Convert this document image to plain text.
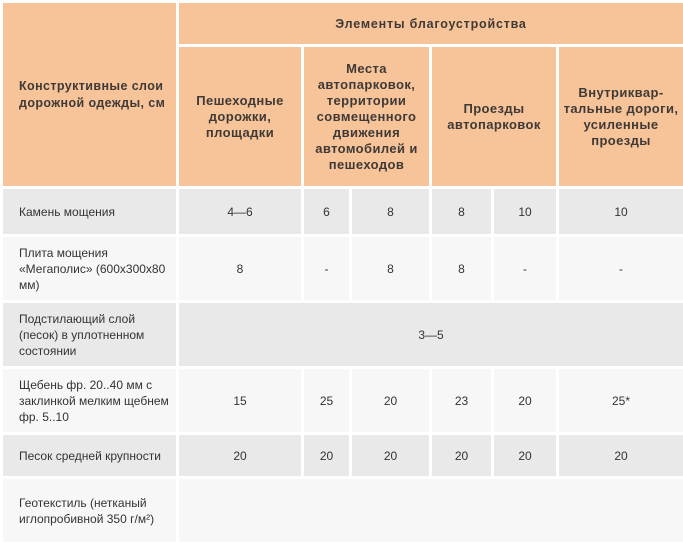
Конструктивные слои дорожной одежды, см	Элементы благоустройства					
	Пешеходные дорожки, площадки	Места автопарковок, территории совмещенного движения автомобилей и пешеходов		Проезды автопарковок		Внутриквар-тальные дороги, усиленные проезды
Камень мощения	4—6	6	8	8	10	10
Плита мощения «Мегаполис» (600x300x80 мм)	8	-	8	8	-	-
Подстилающий слой (песок) в уплотненном состоянии	3—5					
Щебень фр. 20..40 мм с заклинкой мелким щебнем фр. 5..10	15	25	20	23	20	25*
Песок средней крупности	20	20	20	20	20	20
Геотекстиль (нетканый иглопробивной 350 г/м²)						
